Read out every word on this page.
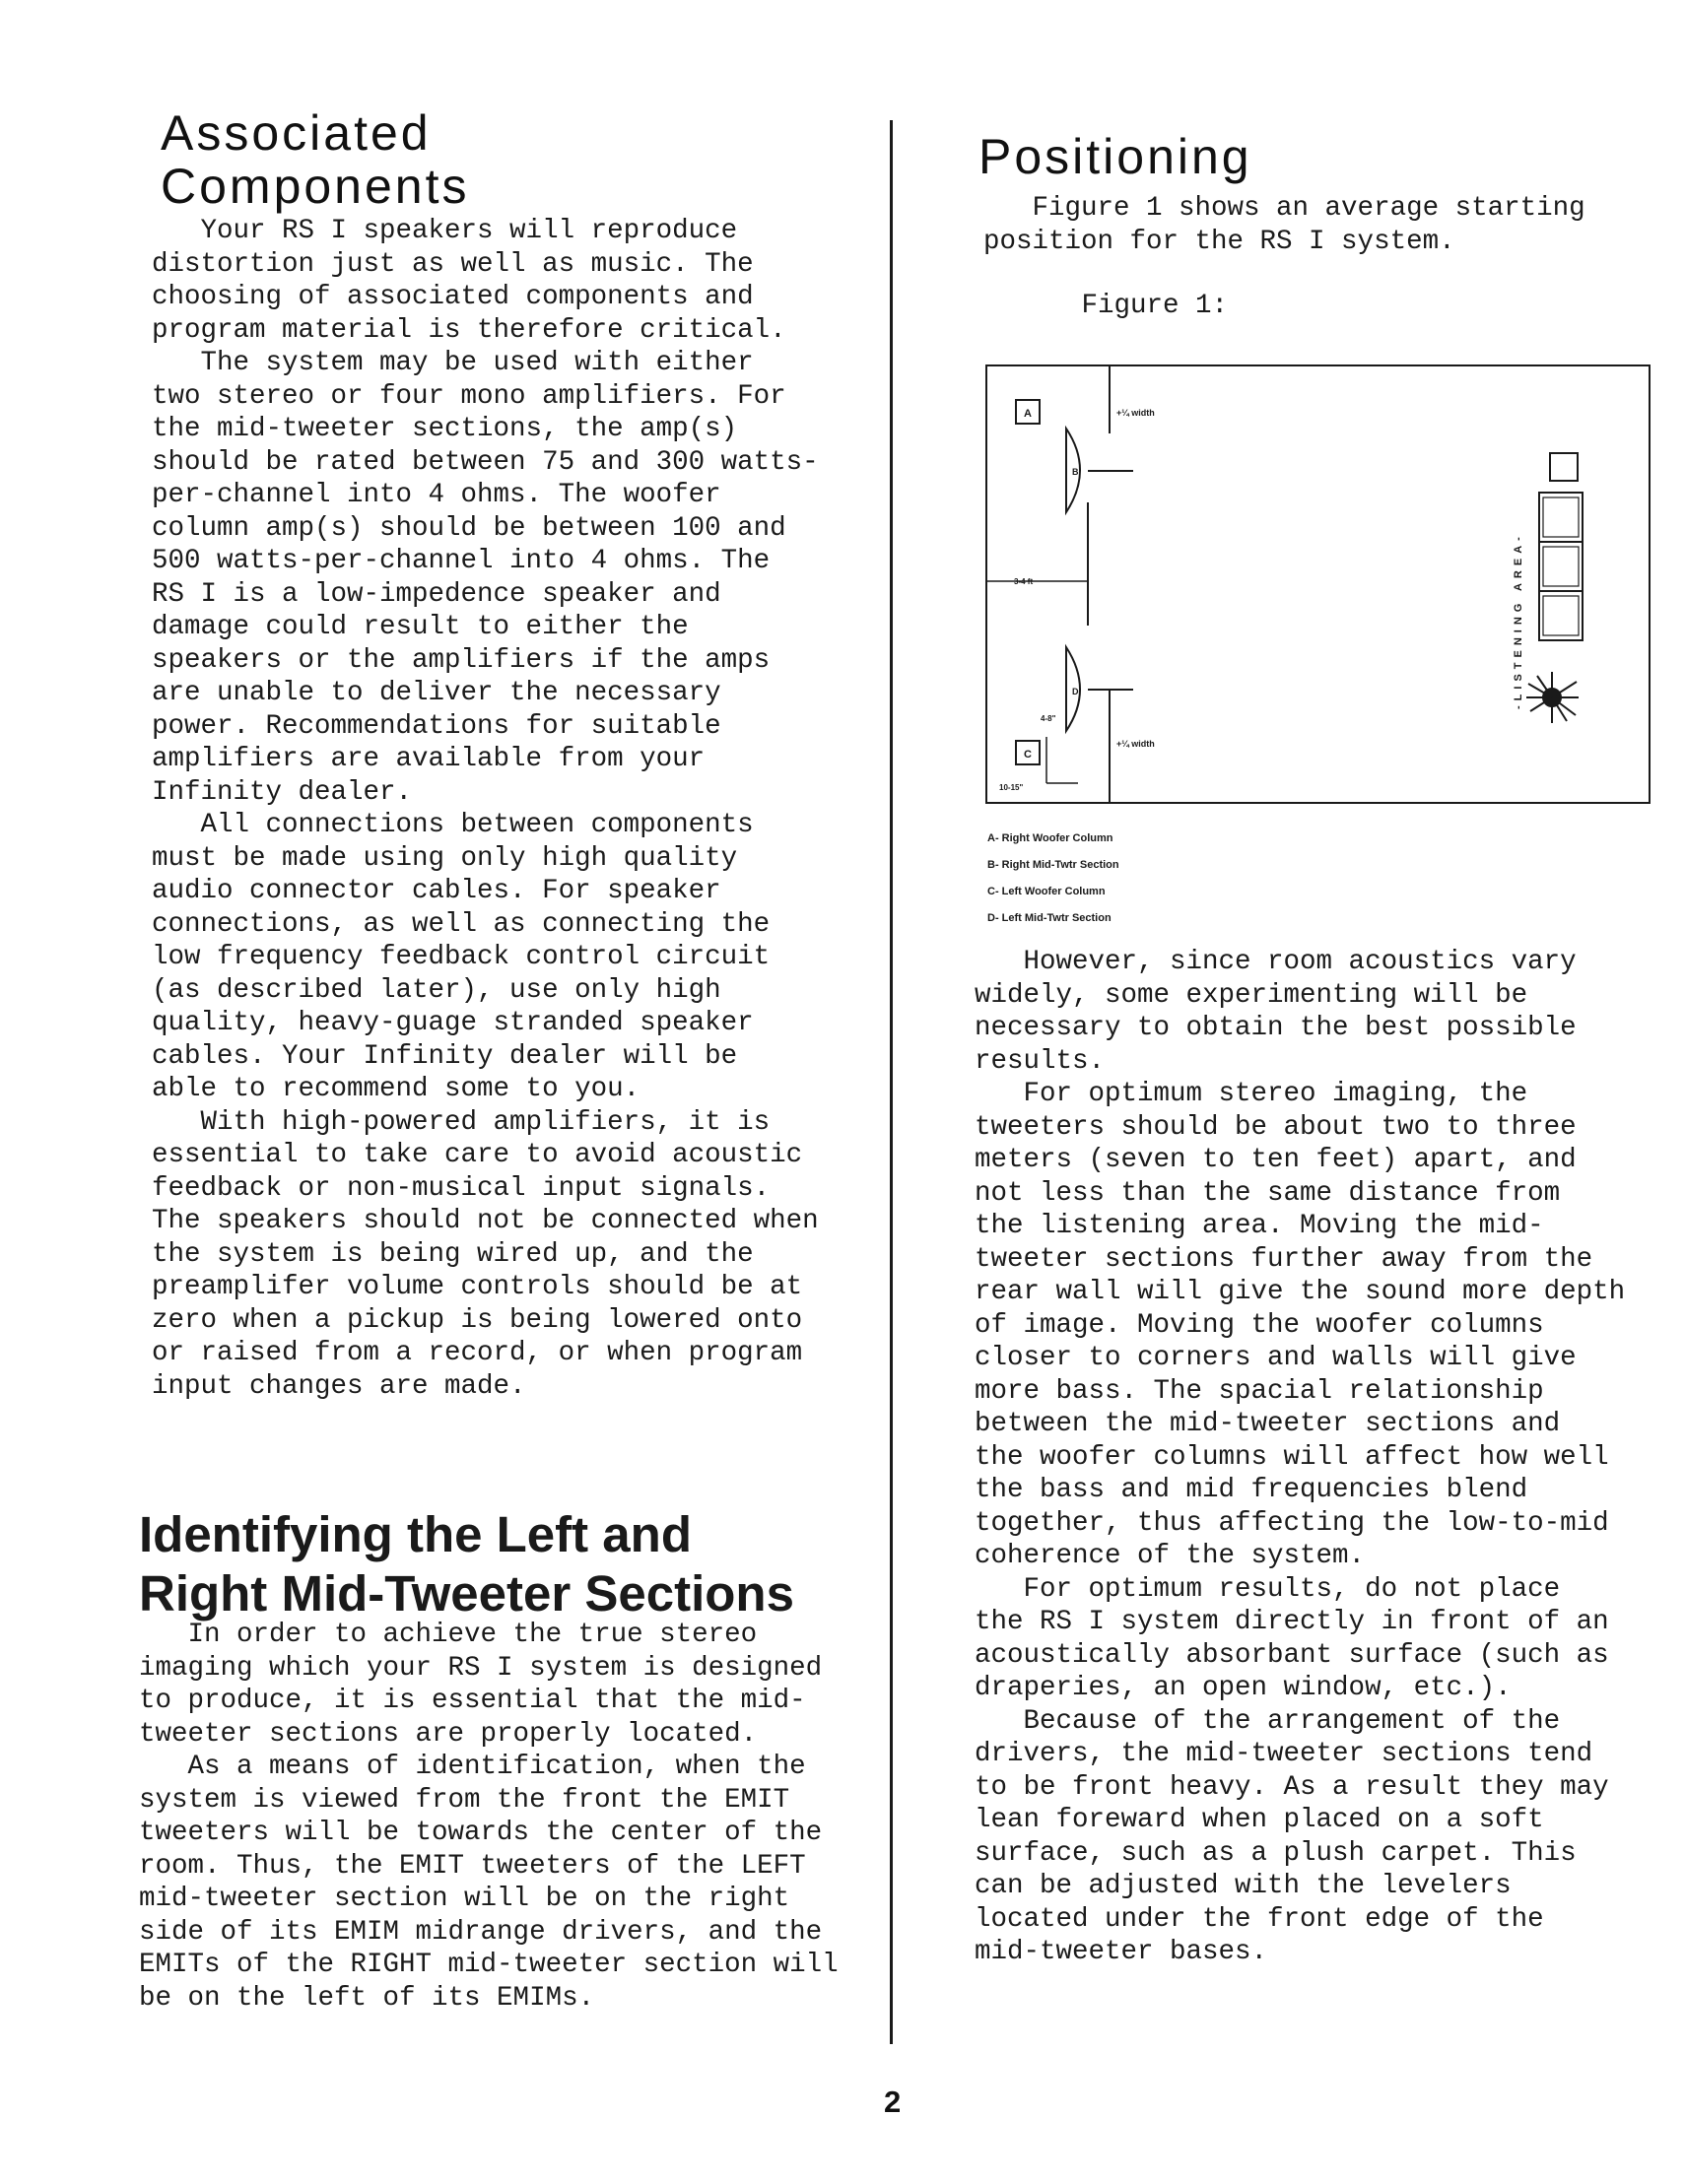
Associated
Components

Your RS I speakers will reproduce

distortion just as well as music. The

choosing of associated components and

program material is therefore critical.

The system may be used with either

two stereo or four mono amplifiers. For

the mid-tweeter sections, the amp(s)

should be rated between 75 and 300 watts-

per-channel into 4 ohms. The woofer

column amp(s) should be between 100 and

500 watts-per-channel into 4 ohms. The

RS I is a low-impedence speaker and

damage could result to either the

speakers or the amplifiers if the amps

are unable to deliver the necessary

power. Recommendations for suitable

amplifiers are available from your

Infinity dealer.

All connections between components

must be made using only high quality

audio connector cables. For speaker

connections, as well as connecting the

low frequency feedback control circuit

(as described later), use only high

quality, heavy-guage stranded speaker

cables. Your Infinity dealer will be

able to recommend some to you.

With high-powered amplifiers, it is

essential to take care to avoid acoustic

feedback or non-musical input signals.

The speakers should not be connected when

the system is being wired up, and the

preamplifer volume controls should be at

zero when a pickup is being lowered onto

or raised from a record, or when program

input changes are made.

Identifying the Left and
Right Mid-Tweeter Sections

In order to achieve the true stereo

imaging which your RS I system is designed

to produce, it is essential that the mid-

tweeter sections are properly located.

As a means of identification, when the

system is viewed from the front the EMIT

tweeters will be towards the center of the

room. Thus, the EMIT tweeters of the LEFT

mid-tweeter section will be on the right

side of its EMIM midrange drivers, and the

EMITs of the RIGHT mid-tweeter section will

be on the left of its EMIMs.

Positioning

Figure 1 shows an average starting

position for the RS I system.

Figure 1:
A	+¼ width
B
3-4 ft
D
4-8"
C
+¼ width
10-15"
-LISTENING AREA-

A- Right Woofer Column

B- Right Mid-Twtr Section

C- Left Woofer Column

D- Left Mid-Twtr Section

However, since room acoustics vary

widely, some experimenting will be

necessary to obtain the best possible

results.

For optimum stereo imaging, the

tweeters should be about two to three

meters (seven to ten feet) apart, and

not less than the same distance from

the listening area. Moving the mid-

tweeter sections further away from the

rear wall will give the sound more depth

of image. Moving the woofer columns

closer to corners and walls will give

more bass. The spacial relationship

between the mid-tweeter sections and

the woofer columns will affect how well

the bass and mid frequencies blend

together, thus affecting the low-to-mid

coherence of the system.

For optimum results, do not place

the RS I system directly in front of an

acoustically absorbant surface (such as

draperies, an open window, etc.).

Because of the arrangement of the

drivers, the mid-tweeter sections tend

to be front heavy. As a result they may

lean foreward when placed on a soft

surface, such as a plush carpet. This

can be adjusted with the levelers

located under the front edge of the

mid-tweeter bases.

2
